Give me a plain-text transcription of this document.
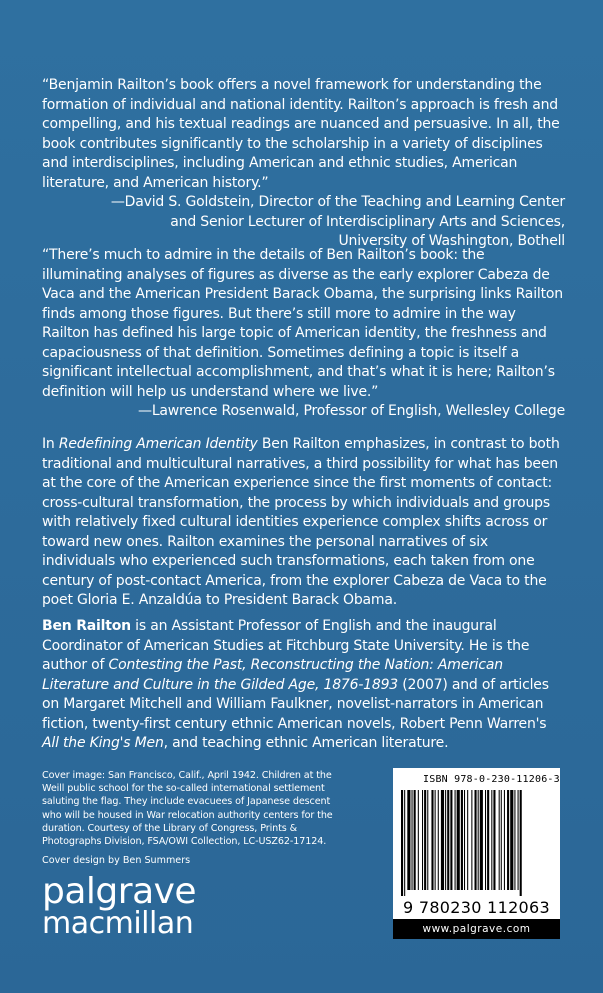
“Benjamin Railton’s book offers a novel framework for understanding the formation of individual and national identity. Railton’s approach is fresh and compelling, and his textual readings are nuanced and persuasive. In all, the book contributes significantly to the scholarship in a variety of disciplines and interdisciplines, including American and ethnic studies, American literature, and American history.”

—David S. Goldstein, Director of the Teaching and Learning Center

and Senior Lecturer of Interdisciplinary Arts and Sciences,

University of Washington, Bothell

“There’s much to admire in the details of Ben Railton’s book: the illuminating analyses of figures as diverse as the early explorer Cabeza de Vaca and the American President Barack Obama, the surprising links Railton finds among those figures. But there’s still more to admire in the way Railton has defined his large topic of American identity, the freshness and capaciousness of that definition. Sometimes defining a topic is itself a significant intellectual accomplishment, and that’s what it is here; Railton’s definition will help us understand where we live.”

—Lawrence Rosenwald, Professor of English, Wellesley College

In Redefining American Identity Ben Railton emphasizes, in contrast to both traditional and multicultural narratives, a third possibility for what has been at the core of the American experience since the first moments of contact: cross-cultural transformation, the process by which individuals and groups with relatively fixed cultural identities experience complex shifts across or toward new ones. Railton examines the personal narratives of six individuals who experienced such transformations, each taken from one century of post-contact America, from the explorer Cabeza de Vaca to the poet Gloria E. Anzaldúa to President Barack Obama.

Ben Railton is an Assistant Professor of English and the inaugural Coordinator of American Studies at Fitchburg State University. He is the author of Contesting the Past, Reconstructing the Nation: American Literature and Culture in the Gilded Age, 1876-1893 (2007) and of articles on Margaret Mitchell and William Faulkner, novelist-narrators in American fiction, twenty-first century ethnic American novels, Robert Penn Warren's All the King's Men, and teaching ethnic American literature.

Cover image: San Francisco, Calif., April 1942. Children at the Weill public school for the so-called international settlement saluting the flag. They include evacuees of Japanese descent who will be housed in War relocation authority centers for the duration. Courtesy of the Library of Congress, Prints & Photographs Division, FSA/OWI Collection, LC-USZ62-17124.
Cover design by Ben Summers
palgrave
macmillan
ISBN 978-0-230-11206-3
9 780230 112063
www.palgrave.com
